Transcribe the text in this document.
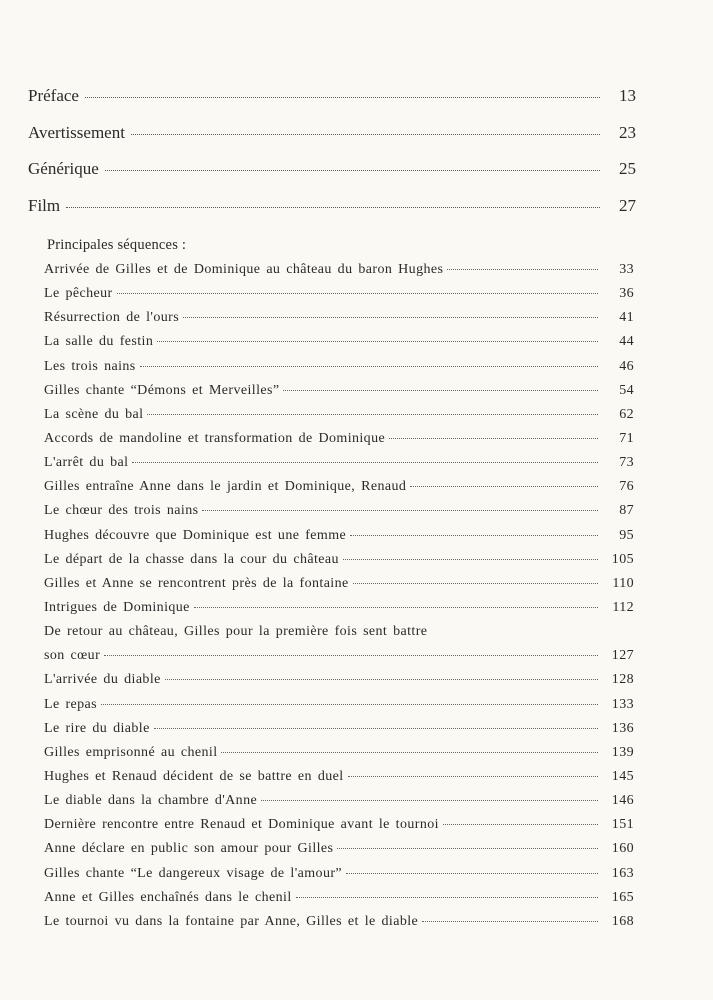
Préface	13
Avertissement	23
Générique	25
Film	27
Principales séquences :
Arrivée de Gilles et de Dominique au château du baron Hughes	33
Le pêcheur	36
Résurrection de l'ours	41
La salle du festin	44
Les trois nains	46
Gilles chante “Démons et Merveilles”	54
La scène du bal	62
Accords de mandoline et transformation de Dominique	71
L'arrêt du bal	73
Gilles entraîne Anne dans le jardin et Dominique, Renaud	76
Le chœur des trois nains	87
Hughes découvre que Dominique est une femme	95
Le départ de la chasse dans la cour du château	105
Gilles et Anne se rencontrent près de la fontaine	110
Intrigues de Dominique	112
De retour au château, Gilles pour la première fois sent battre
son cœur	127
L'arrivée du diable	128
Le repas	133
Le rire du diable	136
Gilles emprisonné au chenil	139
Hughes et Renaud décident de se battre en duel	145
Le diable dans la chambre d'Anne	146
Dernière rencontre entre Renaud et Dominique avant le tournoi	151
Anne déclare en public son amour pour Gilles	160
Gilles chante “Le dangereux visage de l'amour”	163
Anne et Gilles enchaînés dans le chenil	165
Le tournoi vu dans la fontaine par Anne, Gilles et le diable	168
